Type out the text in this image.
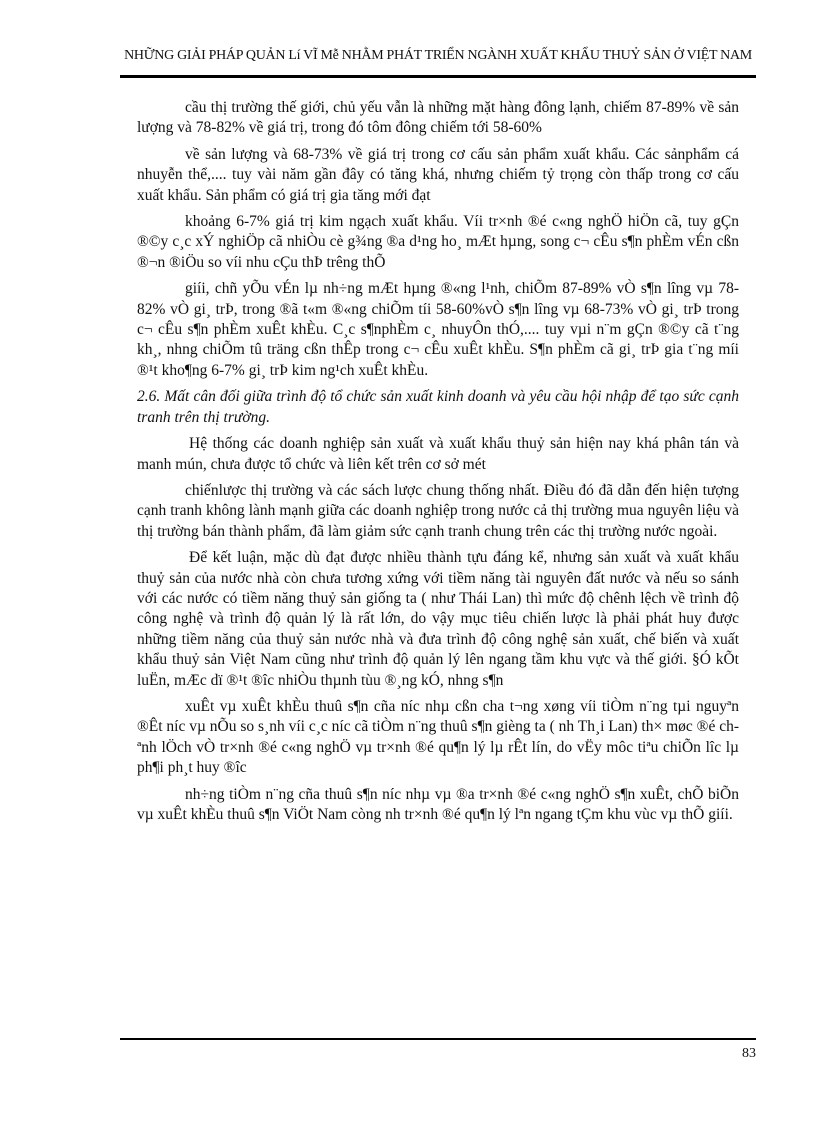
NHỮNG GIẢI PHÁP QUẢN Lí VĨ Mễ NHẰM PHÁT TRIỂN NGÀNH XUẤT KHẨU THUỶ SẢN Ở VIỆT NAM

cầu thị trường thế giới, chủ yếu vẫn là những mặt hàng đông lạnh, chiếm 87-89% về sản lượng và 78-82% về giá trị, trong đó tôm đông chiếm tới 58-60%

về sản lượng và 68-73% về giá trị trong cơ cấu sản phẩm xuất khẩu. Các sảnphẩm cá nhuyễn thể,.... tuy vài năm gần đây có tăng khá, nhưng chiếm tỷ trọng còn thấp trong cơ cấu xuất khẩu. Sản phẩm có giá trị gia tăng mới đạt

khoảng 6-7% giá trị kim ngạch xuất khẩu. Víi tr×nh ®é c«ng nghÖ hiÖn cã, tuy gÇn ®©y c¸c xÝ nghiÖp cã nhiÒu cè g¾ng ®a d¹ng ho¸ mÆt hµng, song c¬ cÊu s¶n phÈm vÉn cßn ®¬n ®iÖu so víi nhu cÇu thÞ trêng thÕ

giíi, chñ yÕu vÉn lµ nh÷ng mÆt hµng ®«ng l¹nh, chiÕm 87-89% vÒ s¶n lîng vµ 78-82% vÒ gi¸ trÞ, trong ®ã t«m ®«ng chiÕm tíi 58-60%vÒ s¶n lîng vµ 68-73% vÒ gi¸ trÞ trong c¬ cÊu s¶n phÈm xuÊt khÈu. C¸c s¶nphÈm c¸ nhuyÔn thÓ,.... tuy vµi n¨m gÇn ®©y cã t¨ng kh¸, nhng chiÕm tû träng cßn thÊp trong c¬ cÊu xuÊt khÈu. S¶n phÈm cã gi¸ trÞ gia t¨ng míi ®¹t kho¶ng 6-7% gi¸ trÞ kim ng¹ch xuÊt khÈu.

2.6. Mất cân đối giữa trình độ tổ chức sản xuất kinh doanh và yêu cầu hội nhập để tạo sức cạnh tranh trên thị trường.

Hệ thống các doanh nghiệp sản xuất và xuất khẩu thuỷ sản hiện nay khá phân tán và manh mún, chưa được tổ chức và liên kết trên cơ sở mét

chiếnlược thị trường và các sách lược chung thống nhất. Điều đó đã dẫn đến hiện tượng cạnh tranh không lành mạnh giữa các doanh nghiệp trong nước cả thị trường mua nguyên liệu và thị trường bán thành phẩm, đã làm giảm sức cạnh tranh chung trên các thị trường nước ngoài.

Để kết luận, mặc dù đạt được nhiều thành tựu đáng kể, nhưng sản xuất và xuất khẩu thuỷ sản của nước nhà còn chưa tương xứng với tiềm năng tài nguyên đất nước và nếu so sánh với các nước có tiềm năng thuỷ sản giống ta ( như Thái Lan) thì mức độ chênh lệch về trình độ công nghệ và trình độ quản lý là rất lớn, do vậy mục tiêu chiến lược là phải phát huy được những tiềm năng của thuỷ sản nước nhà và đưa trình độ công nghệ sản xuất, chế biến và xuất khẩu thuỷ sản Việt Nam cũng như trình độ quản lý lên ngang tầm khu vực và thế giới. §Ó kÕt luËn, mÆc dï ®¹t ®îc nhiÒu thµnh tùu ®¸ng kÓ, nhng s¶n

xuÊt vµ xuÊt khÈu thuû s¶n cña níc nhµ cßn cha t¬ng xøng víi tiÒm n¨ng tµi nguyªn ®Êt níc vµ nÕu so s¸nh víi c¸c níc cã tiÒm n¨ng thuû s¶n gièng ta ( nh Th¸i Lan) th× møc ®é chªnh lÖch vÒ tr×nh ®é c«ng nghÖ vµ tr×nh ®é qu¶n lý lµ rÊt lín, do vËy môc tiªu chiÕn lîc lµ ph¶i ph¸t huy ®îc

nh÷ng tiÒm n¨ng cña thuû s¶n níc nhµ vµ ®a tr×nh ®é c«ng nghÖ s¶n xuÊt, chÕ biÕn vµ xuÊt khÈu thuû s¶n ViÖt Nam còng nh tr×nh ®é qu¶n lý lªn ngang tÇm khu vùc vµ thÕ giíi.

83
